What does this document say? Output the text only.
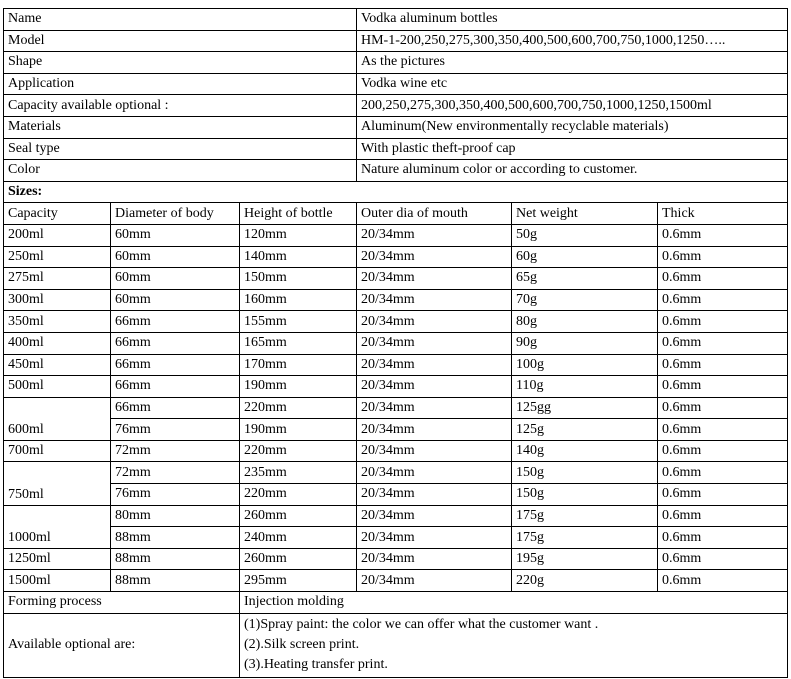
Name			Vodka aluminum bottles		
Model			HM-1-200,250,275,300,350,400,500,600,700,750,1000,1250…..		
Shape			As the pictures		
Application			Vodka wine etc		
Capacity available optional :			200,250,275,300,350,400,500,600,700,750,1000,1250,1500ml		
Materials			Aluminum(New environmentally recyclable materials)		
Seal type			With plastic theft-proof cap		
Color			Nature aluminum color or according to customer.		
Sizes:					
Capacity	Diameter of body	Height of bottle	Outer dia of mouth	Net weight	Thick
200ml	60mm	120mm	20/34mm	50g	0.6mm
250ml	60mm	140mm	20/34mm	60g	0.6mm
275ml	60mm	150mm	20/34mm	65g	0.6mm
300ml	60mm	160mm	20/34mm	70g	0.6mm
350ml	66mm	155mm	20/34mm	80g	0.6mm
400ml	66mm	165mm	20/34mm	90g	0.6mm
450ml	66mm	170mm	20/34mm	100g	0.6mm
500ml	66mm	190mm	20/34mm	110g	0.6mm
600ml	66mm	220mm	20/34mm	125gg	0.6mm
	76mm	190mm	20/34mm	125g	0.6mm
700ml	72mm	220mm	20/34mm	140g	0.6mm
750ml	72mm	235mm	20/34mm	150g	0.6mm
	76mm	220mm	20/34mm	150g	0.6mm
1000ml	80mm	260mm	20/34mm	175g	0.6mm
	88mm	240mm	20/34mm	175g	0.6mm
1250ml	88mm	260mm	20/34mm	195g	0.6mm
1500ml	88mm	295mm	20/34mm	220g	0.6mm
Forming process		Injection molding			
Available optional are:		(1)Spray paint: the color we can offer what the customer want .
(2).Silk screen print.
(3).Heating transfer print.			
